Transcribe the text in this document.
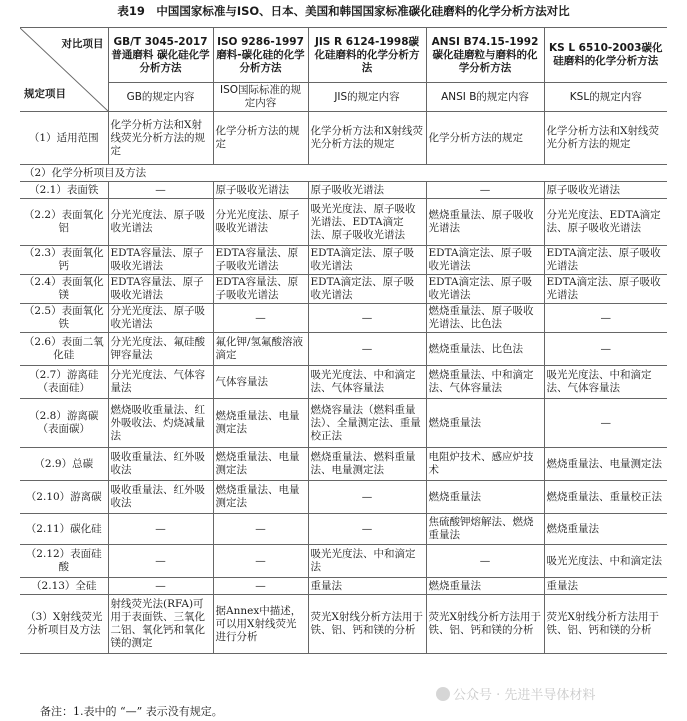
表19　中国国家标准与ISO、日本、美国和韩国国家标准碳化硅磨料的化学分析方法对比
对比项目
规定项目	GB/T 3045-2017 普通磨料 碳化硅化学分析方法	ISO 9286-1997 磨料-碳化硅的化学分析方法	JIS R 6124-1998碳化硅磨料的化学分析方法	ANSI B74.15-1992 碳化硅磨粒与磨料的化学分析方法	KS L 6510-2003碳化硅磨料的化学分析方法
	GB的规定内容	ISO国际标准的规定内容	JIS的规定内容	ANSI B的规定内容	KSL的规定内容
（1）适用范围	化学分析方法和X射线荧光分析方法的规定	化学分析方法的规定	化学分析方法和X射线荧光分析方法的规定	化学分析方法的规定	化学分析方法和X射线荧光分析方法的规定
（2）化学分析项目及方法					
（2.1）表面铁	—	原子吸收光谱法	原子吸收光谱法	—	原子吸收光谱法
（2.2）表面氧化铝	分光光度法、原子吸收光谱法	分光光度法、原子吸收光谱法	吸光光度法、原子吸收光谱法、EDTA滴定法、原子吸收光谱法	燃烧重量法、原子吸收光谱法	分光光度法、EDTA滴定法、原子吸收光谱法
（2.3）表面氧化钙	EDTA容量法、原子吸收光谱法	EDTA容量法、原子吸收光谱法	EDTA滴定法、原子吸收光谱法	EDTA滴定法、原子吸收光谱法	EDTA滴定法、原子吸收光谱法
（2.4）表面氧化镁	EDTA容量法、原子吸收光谱法	EDTA容量法、原子吸收光谱法	EDTA滴定法、原子吸收光谱法	EDTA滴定法、原子吸收光谱法	EDTA滴定法、原子吸收光谱法
（2.5）表面氧化铁	分光光度法、原子吸收光谱法	—	—	燃烧重量法、原子吸收光谱法、比色法	—
（2.6）表面二氧化硅	分光光度法、氟硅酸钾容量法	氟化钾/氢氟酸溶液滴定	—	燃烧重量法、比色法	—
（2.7）游离硅（表面硅）	分光光度法、气体容量法	气体容量法	吸光光度法、中和滴定法、气体容量法	燃烧重量法、中和滴定法、气体容量法	吸光光度法、中和滴定法、气体容量法
（2.8）游离碳（表面碳）	燃烧吸收重量法、红外吸收法、灼烧减量法	燃烧重量法、电量测定法	燃烧容量法（燃料重量法）、全量测定法、重量校正法	燃烧重量法	—
（2.9）总碳	吸收重量法、红外吸收法	燃烧重量法、电量测定法	燃烧重量法、燃料重量法、电量测定法	电阻炉技术、感应炉技术	燃烧重量法、电量测定法
（2.10）游离碳	吸收重量法、红外吸收法	燃烧重量法、电量测定法	—	燃烧重量法	燃烧重量法、重量校正法
（2.11）碳化硅	—	—	—	焦硫酸钾熔解法、燃烧重量法	燃烧重量法
（2.12）表面硅酸	—	—	吸光光度法、中和滴定法	—	吸光光度法、中和滴定法
（2.13）全硅	—	—	重量法	燃烧重量法	重量法
（3）X射线荧光分析项目及方法	射线荧光法(RFA)可用于表面铁、三氧化二铝、氧化钙和氧化镁的测定	据Annex中描述，可以用X射线荧光进行分析	荧光X射线分析方法用于铁、铝、钙和镁的分析	荧光X射线分析方法用于铁、铝、钙和镁的分析	荧光X射线分析方法用于铁、铝、钙和镁的分析
公众号 · 先进半导体材料
备注：1.表中的 “—” 表示没有规定。
